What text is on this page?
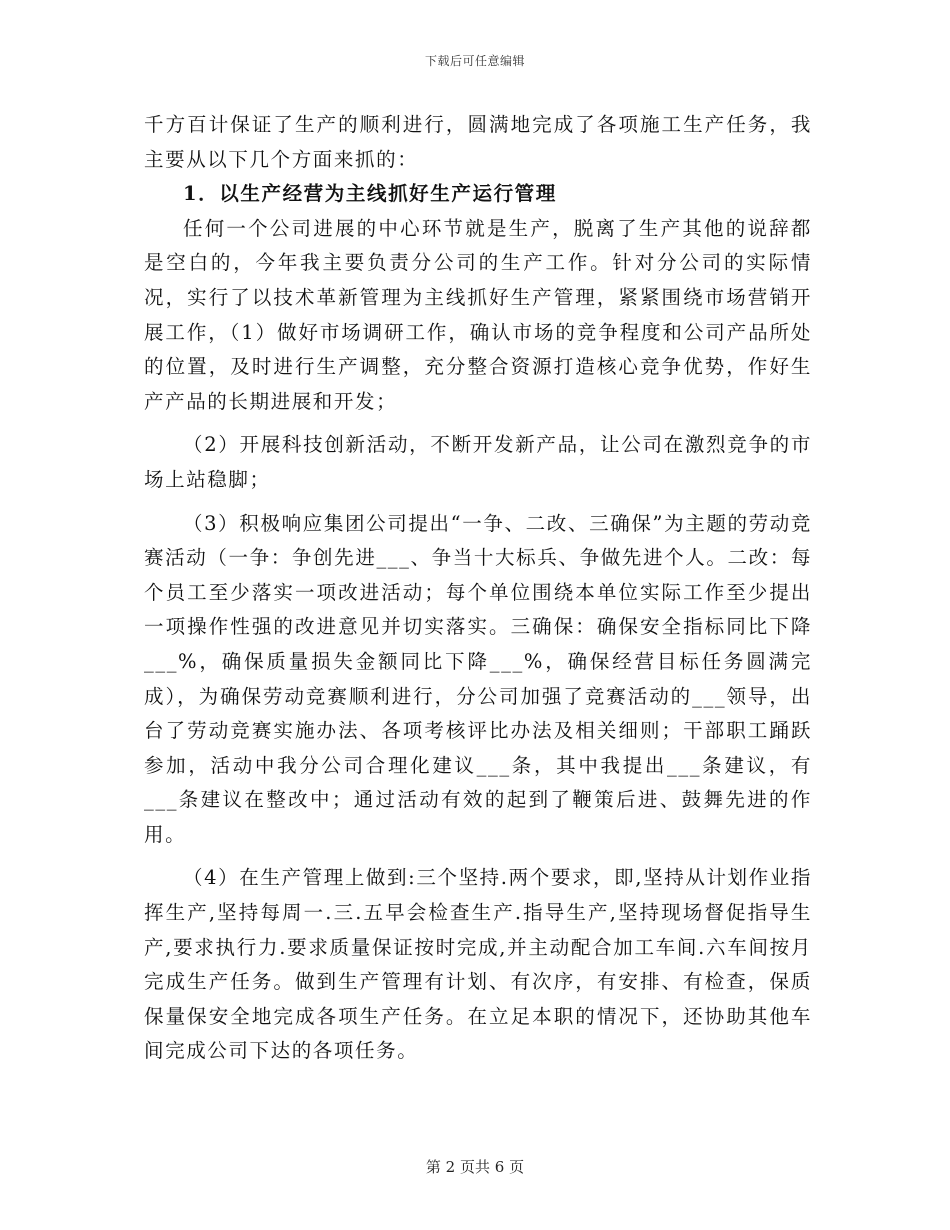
下载后可任意编辑

千方百计保证了生产的顺利进行，圆满地完成了各项施工生产任务，我主要从以下几个方面来抓的：

1．以生产经营为主线抓好生产运行管理

任何一个公司进展的中心环节就是生产，脱离了生产其他的说辞都是空白的，今年我主要负责分公司的生产工作。针对分公司的实际情况，实行了以技术革新管理为主线抓好生产管理，紧紧围绕市场营销开展工作，（1）做好市场调研工作，确认市场的竞争程度和公司产品所处的位置，及时进行生产调整，充分整合资源打造核心竞争优势，作好生产产品的长期进展和开发；

（2）开展科技创新活动，不断开发新产品，让公司在激烈竞争的市场上站稳脚；

（3）积极响应集团公司提出“一争、二改、三确保”为主题的劳动竞赛活动（一争：争创先进___、争当十大标兵、争做先进个人。二改：每个员工至少落实一项改进活动；每个单位围绕本单位实际工作至少提出一项操作性强的改进意见并切实落实。三确保：确保安全指标同比下降___%，确保质量损失金额同比下降___%，确保经营目标任务圆满完成），为确保劳动竞赛顺利进行，分公司加强了竞赛活动的___领导，出台了劳动竞赛实施办法、各项考核评比办法及相关细则；干部职工踊跃参加，活动中我分公司合理化建议___条，其中我提出___条建议，有___条建议在整改中；通过活动有效的起到了鞭策后进、鼓舞先进的作用。

（4）在生产管理上做到:三个坚持.两个要求，即,坚持从计划作业指挥生产,坚持每周一.三.五早会检查生产.指导生产,坚持现场督促指导生产,要求执行力.要求质量保证按时完成,并主动配合加工车间.六车间按月完成生产任务。做到生产管理有计划、有次序，有安排、有检查，保质保量保安全地完成各项生产任务。在立足本职的情况下，还协助其他车间完成公司下达的各项任务。

第 2 页共 6 页
